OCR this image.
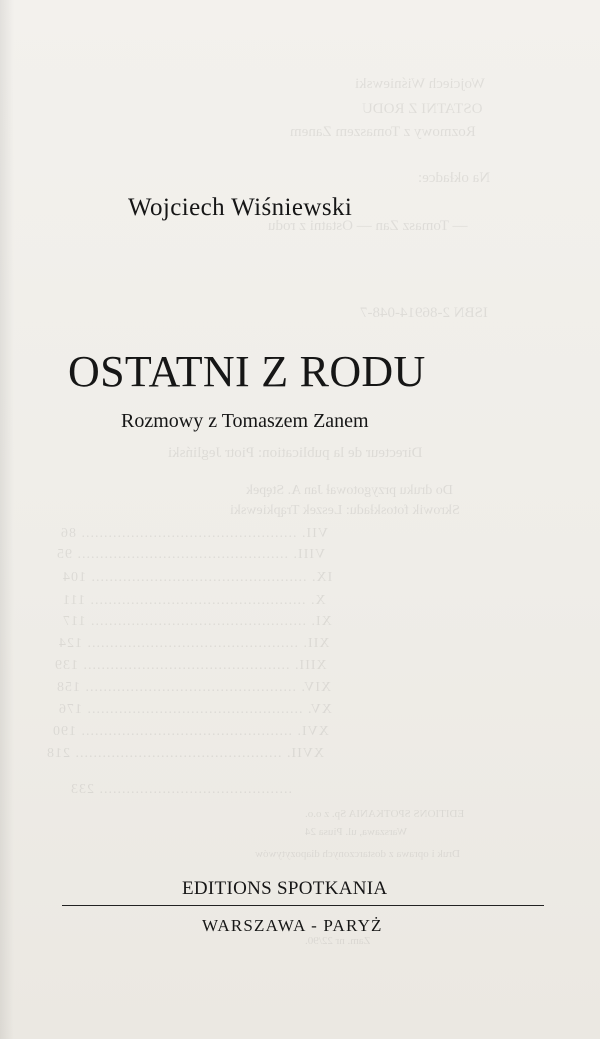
Wojciech Wiśniewski
OSTATNI Z RODU
Rozmowy z Tomaszem Zanem
Na okładce:
— Tomasz Zan — Ostatni z rodu
ISBN 2-86914-048-7
Directeur de la publication: Piotr Jegliński
Do druku przygotował Jan A. Stępek
Skrowik fotoskładu: Leszek Trąpkiewski
VII. ................................................ 86
VIII. ............................................... 95
IX. ................................................ 104
X. ................................................ 111
XI. ................................................ 117
XII. ............................................... 124
XIII. .............................................. 139
XIV. ............................................... 158
XV. ................................................ 176
XVI. ............................................... 190
XVII. .............................................. 218
........................................... 233
EDITIONS SPOTKANIA Sp. z o.o.
Warszawa, ul. Piusa 24
Druk i oprawa z dostarczonych diapozytywów
Zam. nr 22/90.
Wojciech Wiśniewski
OSTATNI Z RODU
Rozmowy z Tomaszem Zanem
EDITIONS SPOTKANIA
WARSZAWA - PARYŻ
